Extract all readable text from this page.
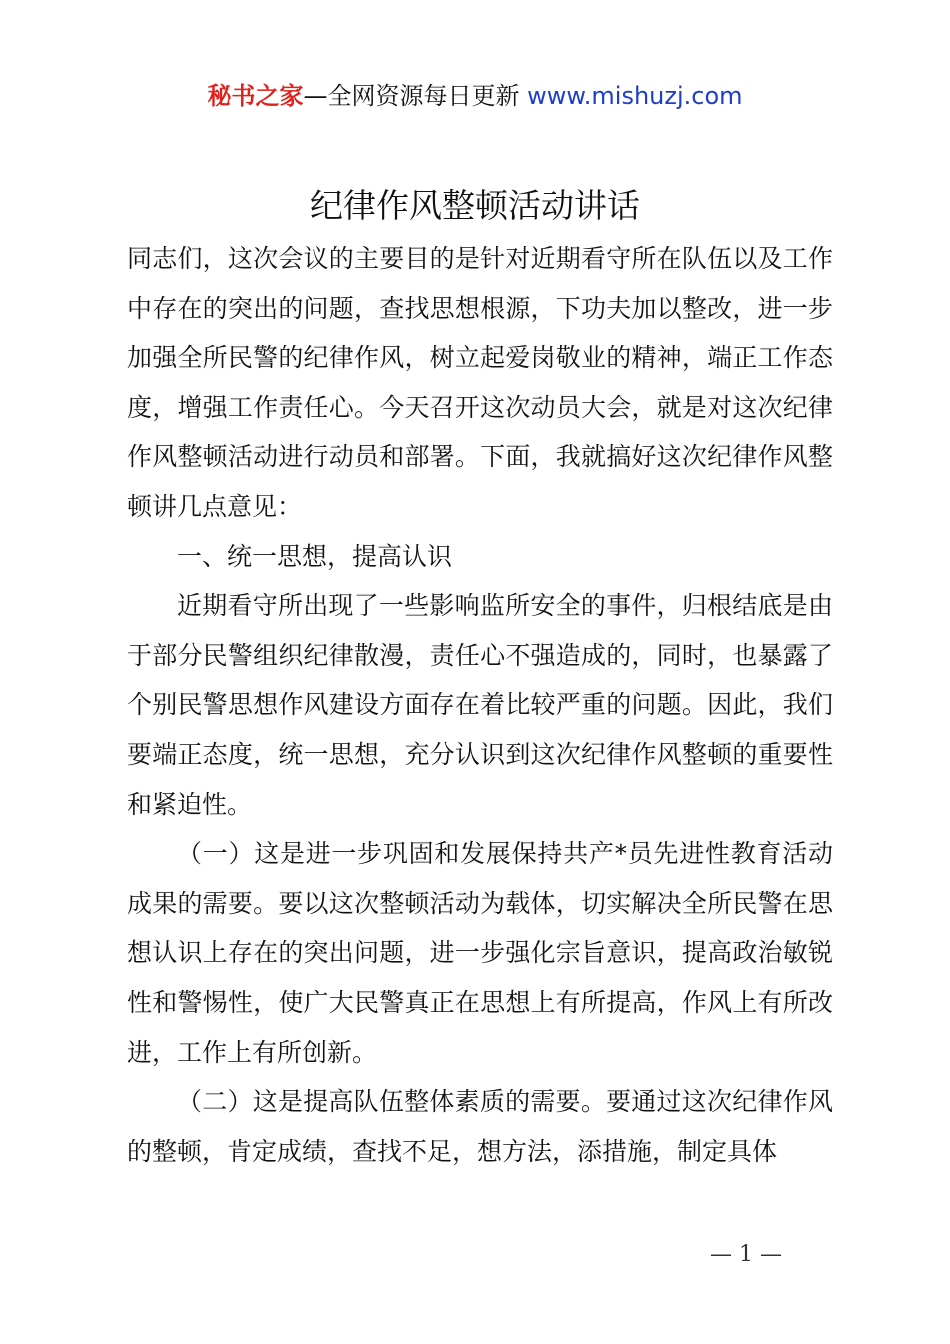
秘书之家—全网资源每日更新 www.mishuzj.com
纪律作风整顿活动讲话

同志们，这次会议的主要目的是针对近期看守所在队伍以及工作中存在的突出的问题，查找思想根源，下功夫加以整改，进一步加强全所民警的纪律作风，树立起爱岗敬业的精神，端正工作态度，增强工作责任心。今天召开这次动员大会，就是对这次纪律作风整顿活动进行动员和部署。下面，我就搞好这次纪律作风整顿讲几点意见：

一、统一思想，提高认识

近期看守所出现了一些影响监所安全的事件，归根结底是由于部分民警组织纪律散漫，责任心不强造成的，同时，也暴露了个别民警思想作风建设方面存在着比较严重的问题。因此，我们要端正态度，统一思想，充分认识到这次纪律作风整顿的重要性和紧迫性。

（一）这是进一步巩固和发展保持共产*员先进性教育活动成果的需要。要以这次整顿活动为载体，切实解决全所民警在思想认识上存在的突出问题，进一步强化宗旨意识，提高政治敏锐性和警惕性，使广大民警真正在思想上有所提高，作风上有所改进，工作上有所创新。

（二）这是提高队伍整体素质的需要。要通过这次纪律作风的整顿，肯定成绩，查找不足，想方法，添措施，制定具体

— 1 —
